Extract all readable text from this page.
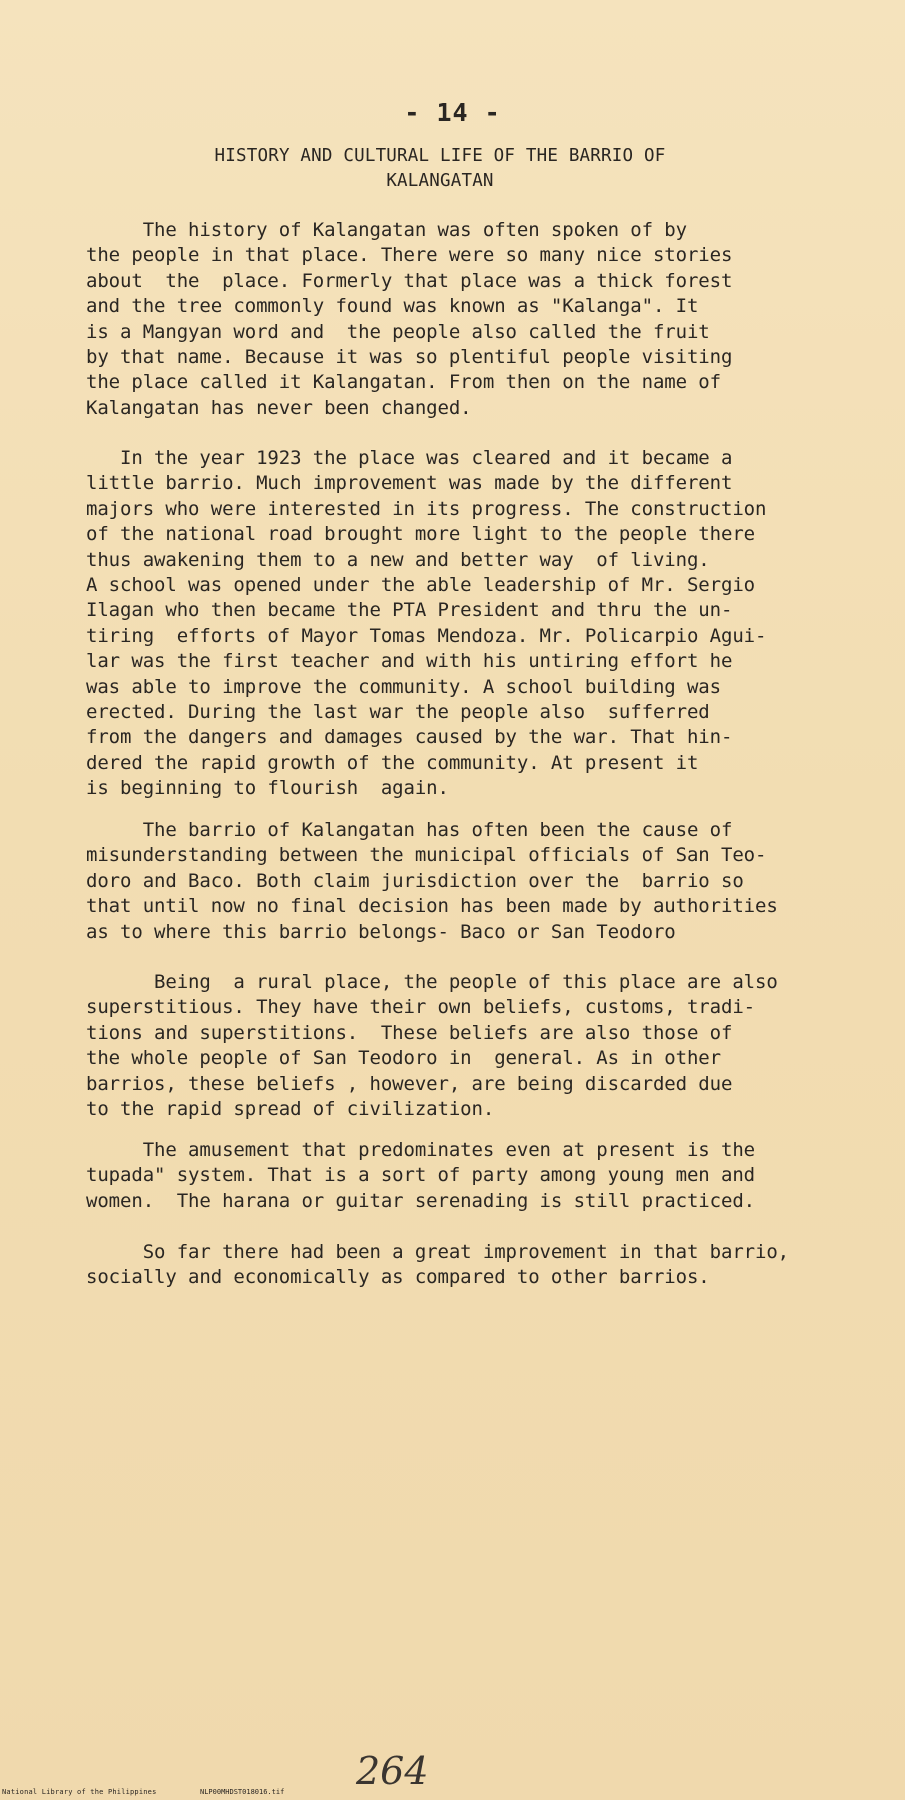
- 14 -
HISTORY AND CULTURAL LIFE OF THE BARRIO OF
KALANGATAN
The history of Kalangatan was often spoken of by
the people in that place. There were so many nice stories
about  the  place. Formerly that place was a thick forest
and the tree commonly found was known as "Kalanga". It
is a Mangyan word and  the people also called the fruit
by that name. Because it was so plentiful people visiting
the place called it Kalangatan. From then on the name of
Kalangatan has never been changed.
In the year 1923 the place was cleared and it became a
little barrio. Much improvement was made by the different
majors who were interested in its progress. The construction
of the national road brought more light to the people there
thus awakening them to a new and better way  of living.
A school was opened under the able leadership of Mr. Sergio
Ilagan who then became the PTA President and thru the un-
tiring  efforts of Mayor Tomas Mendoza. Mr. Policarpio Agui-
lar was the first teacher and with his untiring effort he
was able to improve the community. A school building was
erected. During the last war the people also  sufferred
from the dangers and damages caused by the war. That hin-
dered the rapid growth of the community. At present it
is beginning to flourish  again.
The barrio of Kalangatan has often been the cause of
misunderstanding between the municipal officials of San Teo-
doro and Baco. Both claim jurisdiction over the  barrio so
that until now no final decision has been made by authorities
as to where this barrio belongs- Baco or San Teodoro
Being  a rural place, the people of this place are also
superstitious. They have their own beliefs, customs, tradi-
tions and superstitions.  These beliefs are also those of
the whole people of San Teodoro in  general. As in other
barrios, these beliefs , however, are being discarded due
to the rapid spread of civilization.
The amusement that predominates even at present is the
tupada" system. That is a sort of party among young men and
women.  The harana or guitar serenading is still practiced.
So far there had been a great improvement in that barrio,
socially and economically as compared to other barrios.
264
National Library of the Philippines	NLP00MHDST018016.tif
